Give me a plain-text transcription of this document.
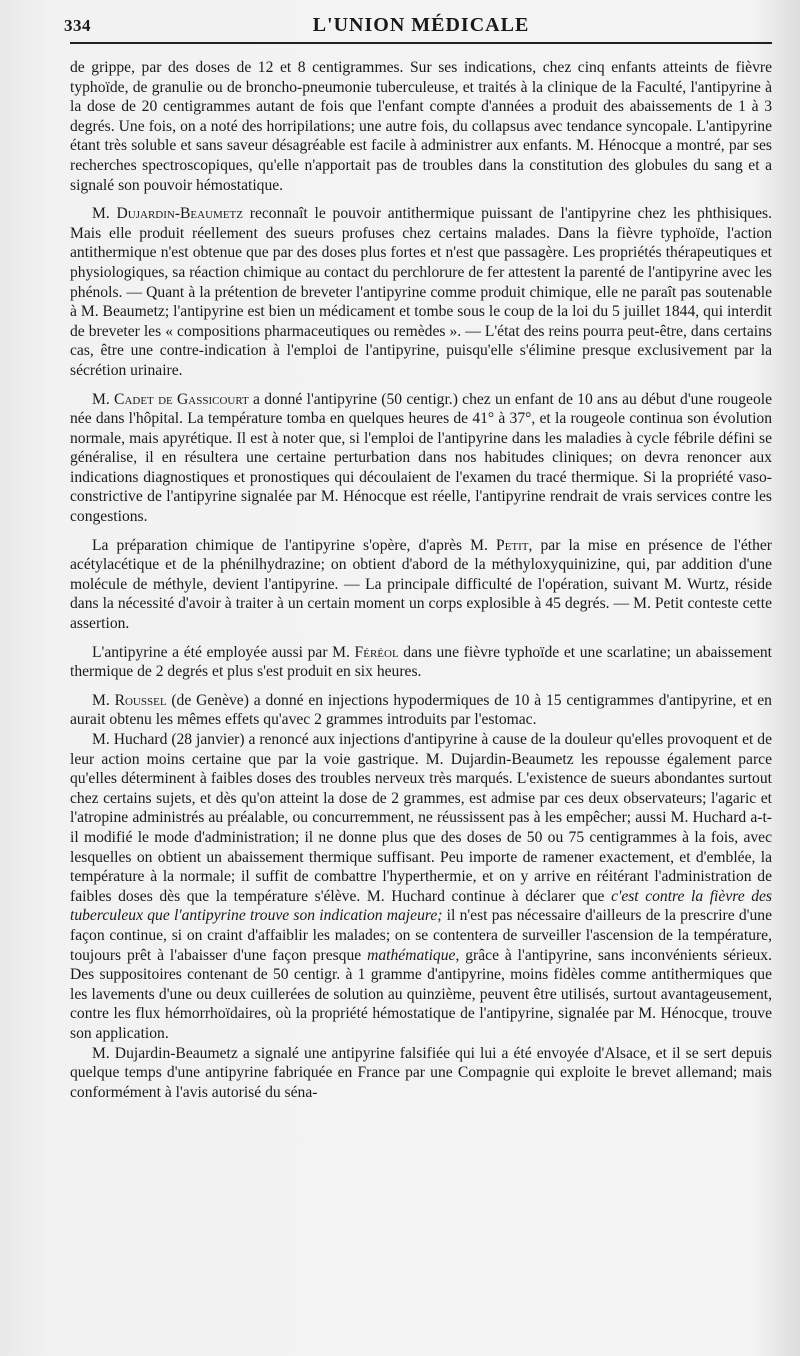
334	L'UNION MÉDICALE

de grippe, par des doses de 12 et 8 centigrammes. Sur ses indications, chez cinq enfants atteints de fièvre typhoïde, de granulie ou de broncho-pneumonie tuberculeuse, et traités à la clinique de la Faculté, l'antipyrine à la dose de 20 centigrammes autant de fois que l'enfant compte d'années a produit des abaissements de 1 à 3 degrés. Une fois, on a noté des horripilations; une autre fois, du collapsus avec tendance syncopale. L'antipyrine étant très soluble et sans saveur désagréable est facile à administrer aux enfants. M. Hénocque a montré, par ses recherches spectroscopiques, qu'elle n'apportait pas de troubles dans la constitution des globules du sang et a signalé son pouvoir hémostatique.

M. Dujardin-Beaumetz reconnaît le pouvoir antithermique puissant de l'antipyrine chez les phthisiques. Mais elle produit réellement des sueurs profuses chez certains malades. Dans la fièvre typhoïde, l'action antithermique n'est obtenue que par des doses plus fortes et n'est que passagère. Les propriétés thérapeutiques et physiologiques, sa réaction chimique au contact du perchlorure de fer attestent la parenté de l'antipyrine avec les phénols. — Quant à la prétention de breveter l'antipyrine comme produit chimique, elle ne paraît pas soutenable à M. Beaumetz; l'antipyrine est bien un médicament et tombe sous le coup de la loi du 5 juillet 1844, qui interdit de breveter les « compositions pharmaceutiques ou remèdes ». — L'état des reins pourra peut-être, dans certains cas, être une contre-indication à l'emploi de l'antipyrine, puisqu'elle s'élimine presque exclusivement par la sécrétion urinaire.

M. Cadet de Gassicourt a donné l'antipyrine (50 centigr.) chez un enfant de 10 ans au début d'une rougeole née dans l'hôpital. La température tomba en quelques heures de 41° à 37°, et la rougeole continua son évolution normale, mais apyrétique. Il est à noter que, si l'emploi de l'antipyrine dans les maladies à cycle fébrile défini se généralise, il en résultera une certaine perturbation dans nos habitudes cliniques; on devra renoncer aux indications diagnostiques et pronostiques qui découlaient de l'examen du tracé thermique. Si la propriété vaso-constrictive de l'antipyrine signalée par M. Hénocque est réelle, l'antipyrine rendrait de vrais services contre les congestions.

La préparation chimique de l'antipyrine s'opère, d'après M. Petit, par la mise en présence de l'éther acétylacétique et de la phénilhydrazine; on obtient d'abord de la méthyloxyquinizine, qui, par addition d'une molécule de méthyle, devient l'antipyrine. — La principale difficulté de l'opération, suivant M. Wurtz, réside dans la nécessité d'avoir à traiter à un certain moment un corps explosible à 45 degrés. — M. Petit conteste cette assertion.

L'antipyrine a été employée aussi par M. Féréol dans une fièvre typhoïde et une scarlatine; un abaissement thermique de 2 degrés et plus s'est produit en six heures.

M. Roussel (de Genève) a donné en injections hypodermiques de 10 à 15 centigrammes d'antipyrine, et en aurait obtenu les mêmes effets qu'avec 2 grammes introduits par l'estomac.

M. Huchard (28 janvier) a renoncé aux injections d'antipyrine à cause de la douleur qu'elles provoquent et de leur action moins certaine que par la voie gastrique. M. Dujardin-Beaumetz les repousse également parce qu'elles déterminent à faibles doses des troubles nerveux très marqués. L'existence de sueurs abondantes surtout chez certains sujets, et dès qu'on atteint la dose de 2 grammes, est admise par ces deux observateurs; l'agaric et l'atropine administrés au préalable, ou concurremment, ne réussissent pas à les empêcher; aussi M. Huchard a-t-il modifié le mode d'administration; il ne donne plus que des doses de 50 ou 75 centigrammes à la fois, avec lesquelles on obtient un abaissement thermique suffisant. Peu importe de ramener exactement, et d'emblée, la température à la normale; il suffit de combattre l'hyperthermie, et on y arrive en réitérant l'administration de faibles doses dès que la température s'élève. M. Huchard continue à déclarer que c'est contre la fièvre des tuberculeux que l'antipyrine trouve son indication majeure; il n'est pas nécessaire d'ailleurs de la prescrire d'une façon continue, si on craint d'affaiblir les malades; on se contentera de surveiller l'ascension de la température, toujours prêt à l'abaisser d'une façon presque mathématique, grâce à l'antipyrine, sans inconvénients sérieux. Des suppositoires contenant de 50 centigr. à 1 gramme d'antipyrine, moins fidèles comme antithermiques que les lavements d'une ou deux cuillerées de solution au quinzième, peuvent être utilisés, surtout avantageusement, contre les flux hémorrhoïdaires, où la propriété hémostatique de l'antipyrine, signalée par M. Hénocque, trouve son application.

M. Dujardin-Beaumetz a signalé une antipyrine falsifiée qui lui a été envoyée d'Alsace, et il se sert depuis quelque temps d'une antipyrine fabriquée en France par une Compagnie qui exploite le brevet allemand; mais conformément à l'avis autorisé du séna-
